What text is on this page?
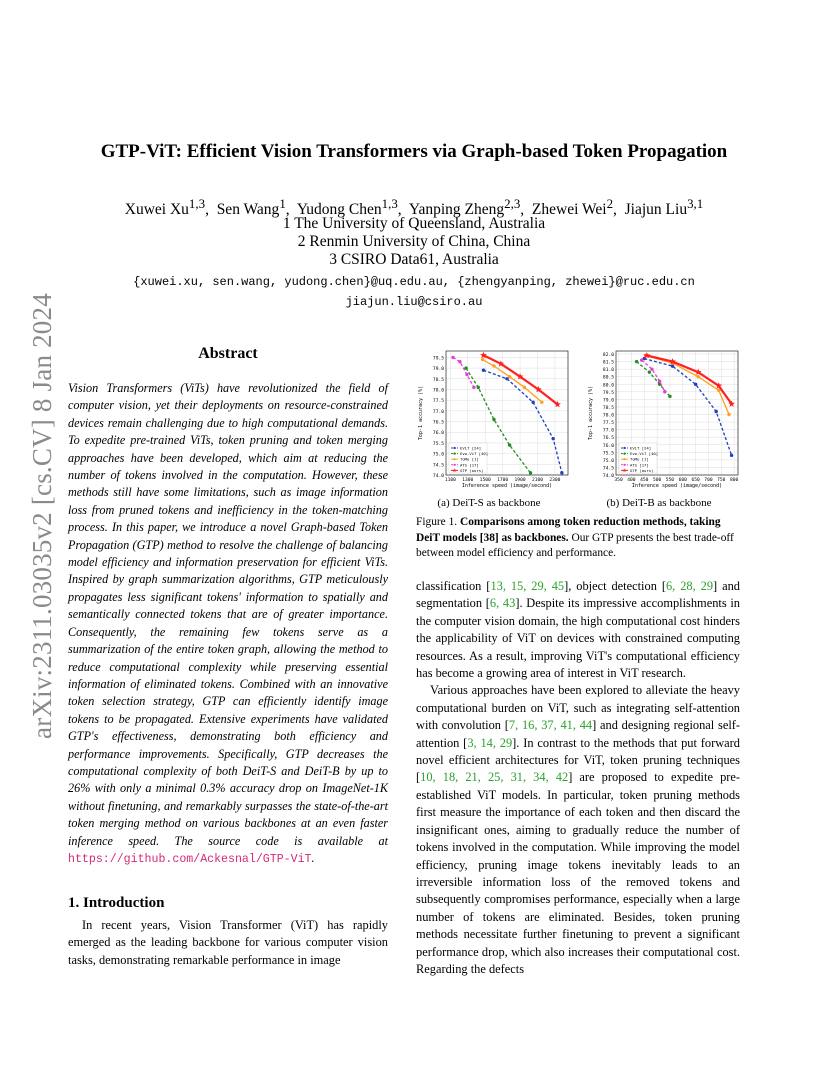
arXiv:2311.03035v2 [cs.CV] 8 Jan 2024
GTP-ViT: Efficient Vision Transformers via Graph-based Token Propagation
Xuwei Xu$^{1,3}$,  Sen Wang$^1$,  Yudong Chen$^{1,3}$,  Yanping Zheng$^{2,3}$,  Zhewei Wei$^2$,  Jiajun Liu$^{3,1}$
1 The University of Queensland, Australia
2 Renmin University of China, China
3 CSIRO Data61, Australia
{xuwei.xu, sen.wang, yudong.chen}@uq.edu.au, {zhengyanping, zhewei}@ruc.edu.cn
jiajun.liu@csiro.au
Abstract
Vision Transformers (ViTs) have revolutionized the field of computer vision, yet their deployments on resource-constrained devices remain challenging due to high computational demands. To expedite pre-trained ViTs, token pruning and token merging approaches have been developed, which aim at reducing the number of tokens involved in the computation. However, these methods still have some limitations, such as image information loss from pruned tokens and inefficiency in the token-matching process. In this paper, we introduce a novel Graph-based Token Propagation (GTP) method to resolve the challenge of balancing model efficiency and information preservation for efficient ViTs. Inspired by graph summarization algorithms, GTP meticulously propagates less significant tokens' information to spatially and semantically connected tokens that are of greater importance. Consequently, the remaining few tokens serve as a summarization of the entire token graph, allowing the method to reduce computational complexity while preserving essential information of eliminated tokens. Combined with an innovative token selection strategy, GTP can efficiently identify image tokens to be propagated. Extensive experiments have validated GTP's effectiveness, demonstrating both efficiency and performance improvements. Specifically, GTP decreases the computational complexity of both DeiT-S and DeiT-B by up to 26% with only a minimal 0.3% accuracy drop on ImageNet-1K without finetuning, and remarkably surpasses the state-of-the-art token merging method on various backbones at an even faster inference speed. The source code is available at https://github.com/Ackesnal/GTP-ViT.
1. Introduction
In recent years, Vision Transformer (ViT) has rapidly emerged as the leading backbone for various computer vision tasks, demonstrating remarkable performance in image
74.0
74.5
75.0
75.5
76.0
76.5
77.0
77.5
78.0
78.5
79.0
79.5
1100 1300 1500 1700 1900 2100 2300
Inference speed (image/second)
Top-1 accuracy (%)
EViT [24]
Evo-ViT [40]
ToMe [1]
ATS [17]
GTP (ours)
74.0
74.5
75.0
75.5
76.0
76.5
77.0
77.5
78.0
78.5
79.0
79.5
80.0
80.5
81.0
81.5
82.0
350 400 450 500 550 600 650 700 750 800
Inference speed (image/second)
Top-1 accuracy (%)
EViT [24]
Evo-ViT [40]
ToMe [1]
ATS [17]
GTP (ours)
(a) DeiT-S as backbone	(b) DeiT-B as backbone
Figure 1. Comparisons among token reduction methods, taking DeiT models [38] as backbones. Our GTP presents the best trade-off between model efficiency and performance.

classification [13, 15, 29, 45], object detection [6, 28, 29] and segmentation [6, 43]. Despite its impressive accomplishments in the computer vision domain, the high computational cost hinders the applicability of ViT on devices with constrained computing resources. As a result, improving ViT's computational efficiency has become a growing area of interest in ViT research.

Various approaches have been explored to alleviate the heavy computational burden on ViT, such as integrating self-attention with convolution [7, 16, 37, 41, 44] and designing regional self-attention [3, 14, 29]. In contrast to the methods that put forward novel efficient architectures for ViT, token pruning techniques [10, 18, 21, 25, 31, 34, 42] are proposed to expedite pre-established ViT models. In particular, token pruning methods first measure the importance of each token and then discard the insignificant ones, aiming to gradually reduce the number of tokens involved in the computation. While improving the model efficiency, pruning image tokens inevitably leads to an irreversible information loss of the removed tokens and subsequently compromises performance, especially when a large number of tokens are eliminated. Besides, token pruning methods necessitate further finetuning to prevent a significant performance drop, which also increases their computational cost. Regarding the defects
